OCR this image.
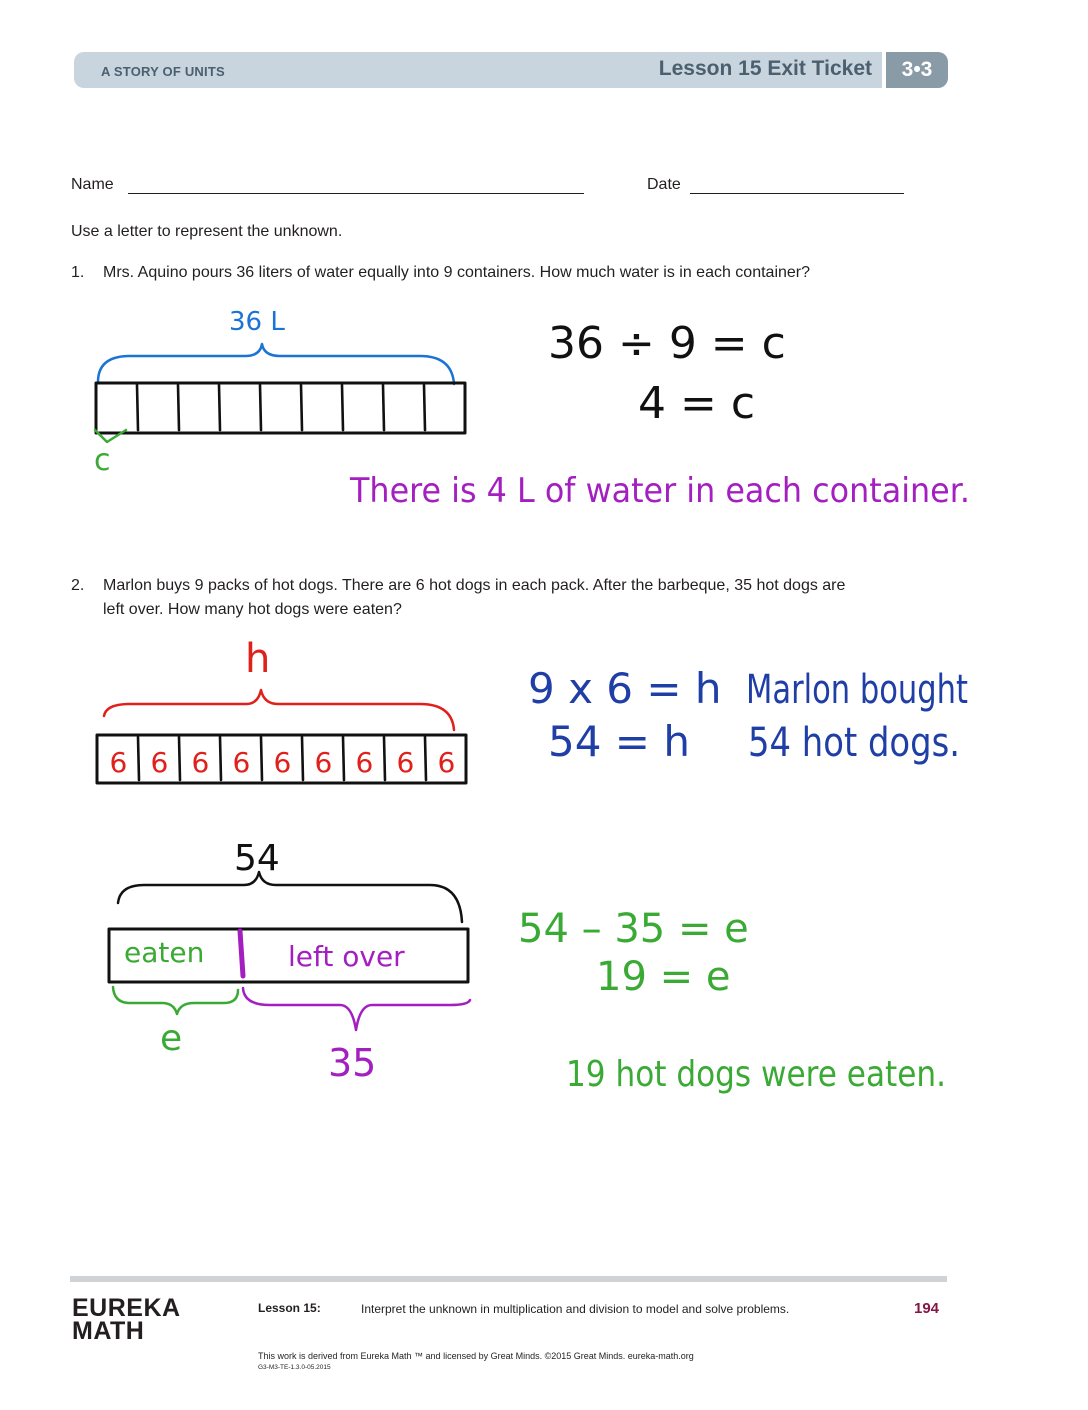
A STORY OF UNITS	Lesson 15 Exit Ticket	3•3
Name	Date
Use a letter to represent the unknown.
1. Mrs. Aquino pours 36 liters of water equally into 9 containers. How much water is in each container?
36 L
c
36 ÷ 9 = c
4 = c
There is 4 L of water in each container.
h
6 6 6 6 6 6 6 6 6
9 x 6 = h
54 = h
Marlon bought
54 hot dogs.
54
eaten	left over
e
35
54 – 35 = e
19 = e
19 hot dogs were eaten.
2. Marlon buys 9 packs of hot dogs. There are 6 hot dogs in each pack. After the barbeque, 35 hot dogs are
left over. How many hot dogs were eaten?
EUREKA
MATH
Lesson 15:	Interpret the unknown in multiplication and division to model and solve problems.	194
This work is derived from Eureka Math ™ and licensed by Great Minds. ©2015 Great Minds. eureka-math.org
G3-M3-TE-1.3.0-05.2015
